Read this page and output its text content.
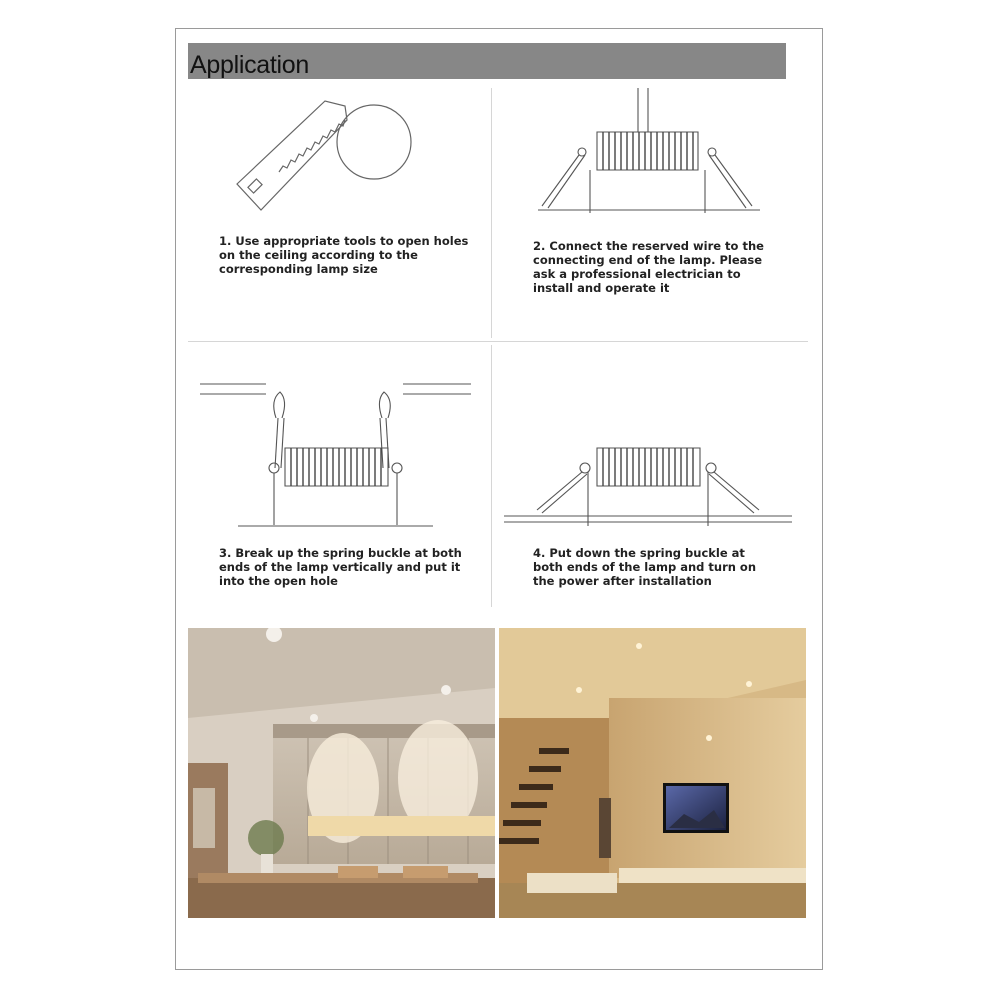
Application
1. Use appropriate tools to open holes
on the ceiling according to the
corresponding lamp size
2. Connect the reserved wire to the
connecting end of the lamp. Please
ask a professional electrician to
install and operate it
3. Break up the spring buckle at both
ends of the lamp vertically and put it
into the open hole
4. Put down the spring buckle at
both ends of the lamp and turn on
the power after installation
